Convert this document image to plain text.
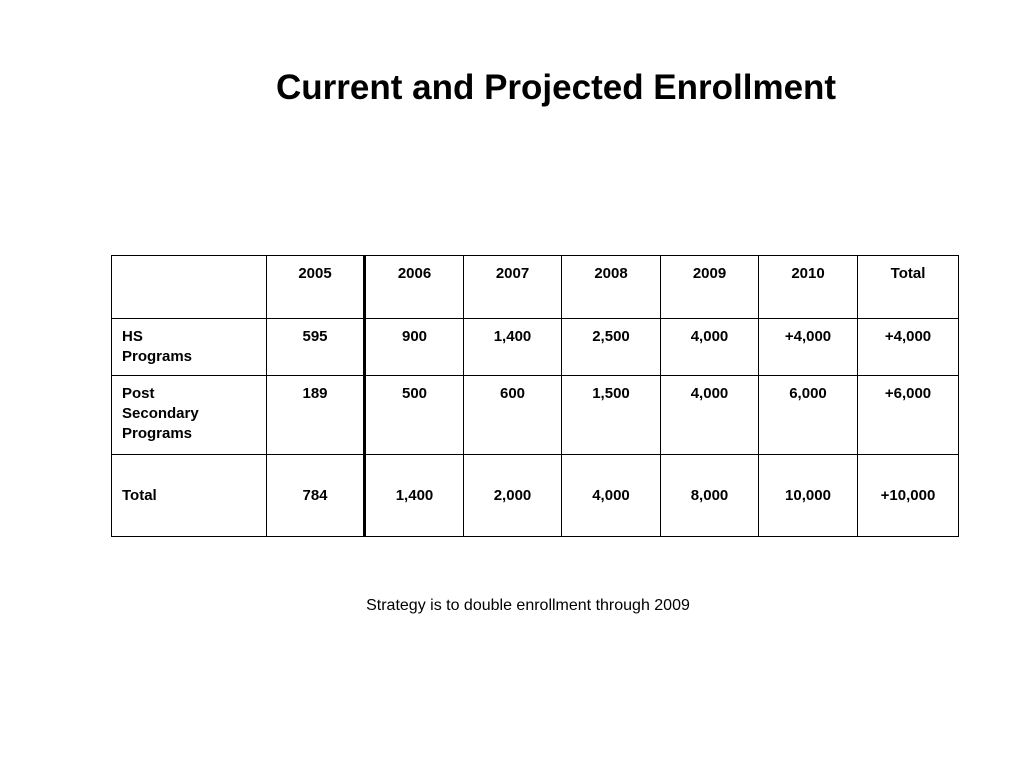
Current and Projected Enrollment
	2005	2006	2007	2008	2009	2010	Total
HS
Programs	595	900	1,400	2,500	4,000	+4,000	+4,000
Post
Secondary
Programs	189	500	600	1,500	4,000	6,000	+6,000
Total	784	1,400	2,000	4,000	8,000	10,000	+10,000
Strategy is to double enrollment through 2009
